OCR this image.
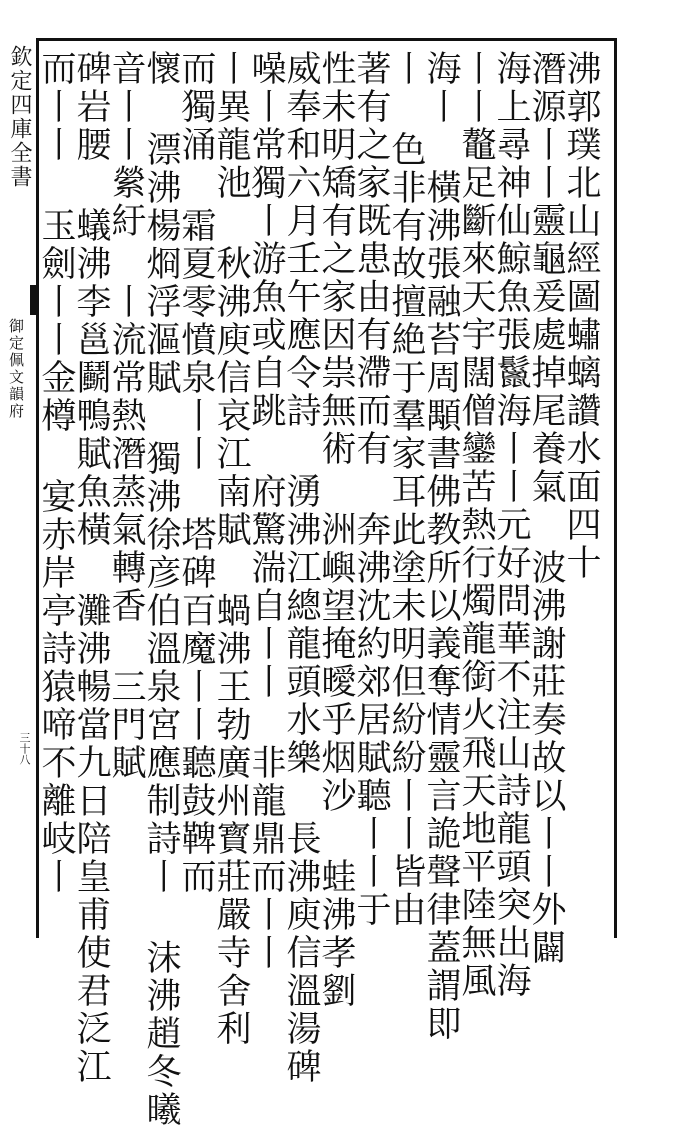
欽定四庫全書
御定佩文韻府
三十八
沸郭璞北山經圖蟰螭讚水面四十
潛源丨丨靈龜爰處掉尾養氣 波沸謝莊奏故以丨丨外闢
海上尋神仙鯨魚張鬣海丨丨元好問華不注山詩龍頭突出海
丨丨鼇足斷來天宇闊僧鑾苦熱行燭龍銜火飛天地平陸無風
海丨 橫沸張融苔周顒書佛教所以義奪情靈言詭聲律蓋謂即
丨 色非有故擅絶于羣家耳此塗未明但紛紛丨丨皆由
著有之家既患由有滯而有 奔沸沈約郊居賦聽丨丨于
性未明矯有之家因祟無術 洲嶼望掩曖乎烟沙 蛙沸孝劉
威奉和六月壬午應令詩 湧沸江總龍頭水樂 長沸庾信溫湯碑
噪丨常獨丨游魚或自跳 府驚湍自丨丨 非龍鼎而丨丨
丨異龍池 秋沸庾信哀江南賦 蝸沸王勃廣州寳莊嚴寺舍利
而獨涌 霜夏零憤泉丨丨 塔碑百魔丨丨聽鼓鞞而
懷 漂沸楊烱浮漚賦 獨沸徐彦伯溫泉宮應制詩丨 沫沸趙冬曦
音丨丨縈紆 丨流常熱潛蒸氣轉香 三門賦
碑岩腰 蟻沸李邕鬬鴨賦魚橫 灘沸暢當九日陪皇甫使君泛江
而丨丨 玉劍丨丨金樽 宴赤岸亭詩猿啼不離岐丨
